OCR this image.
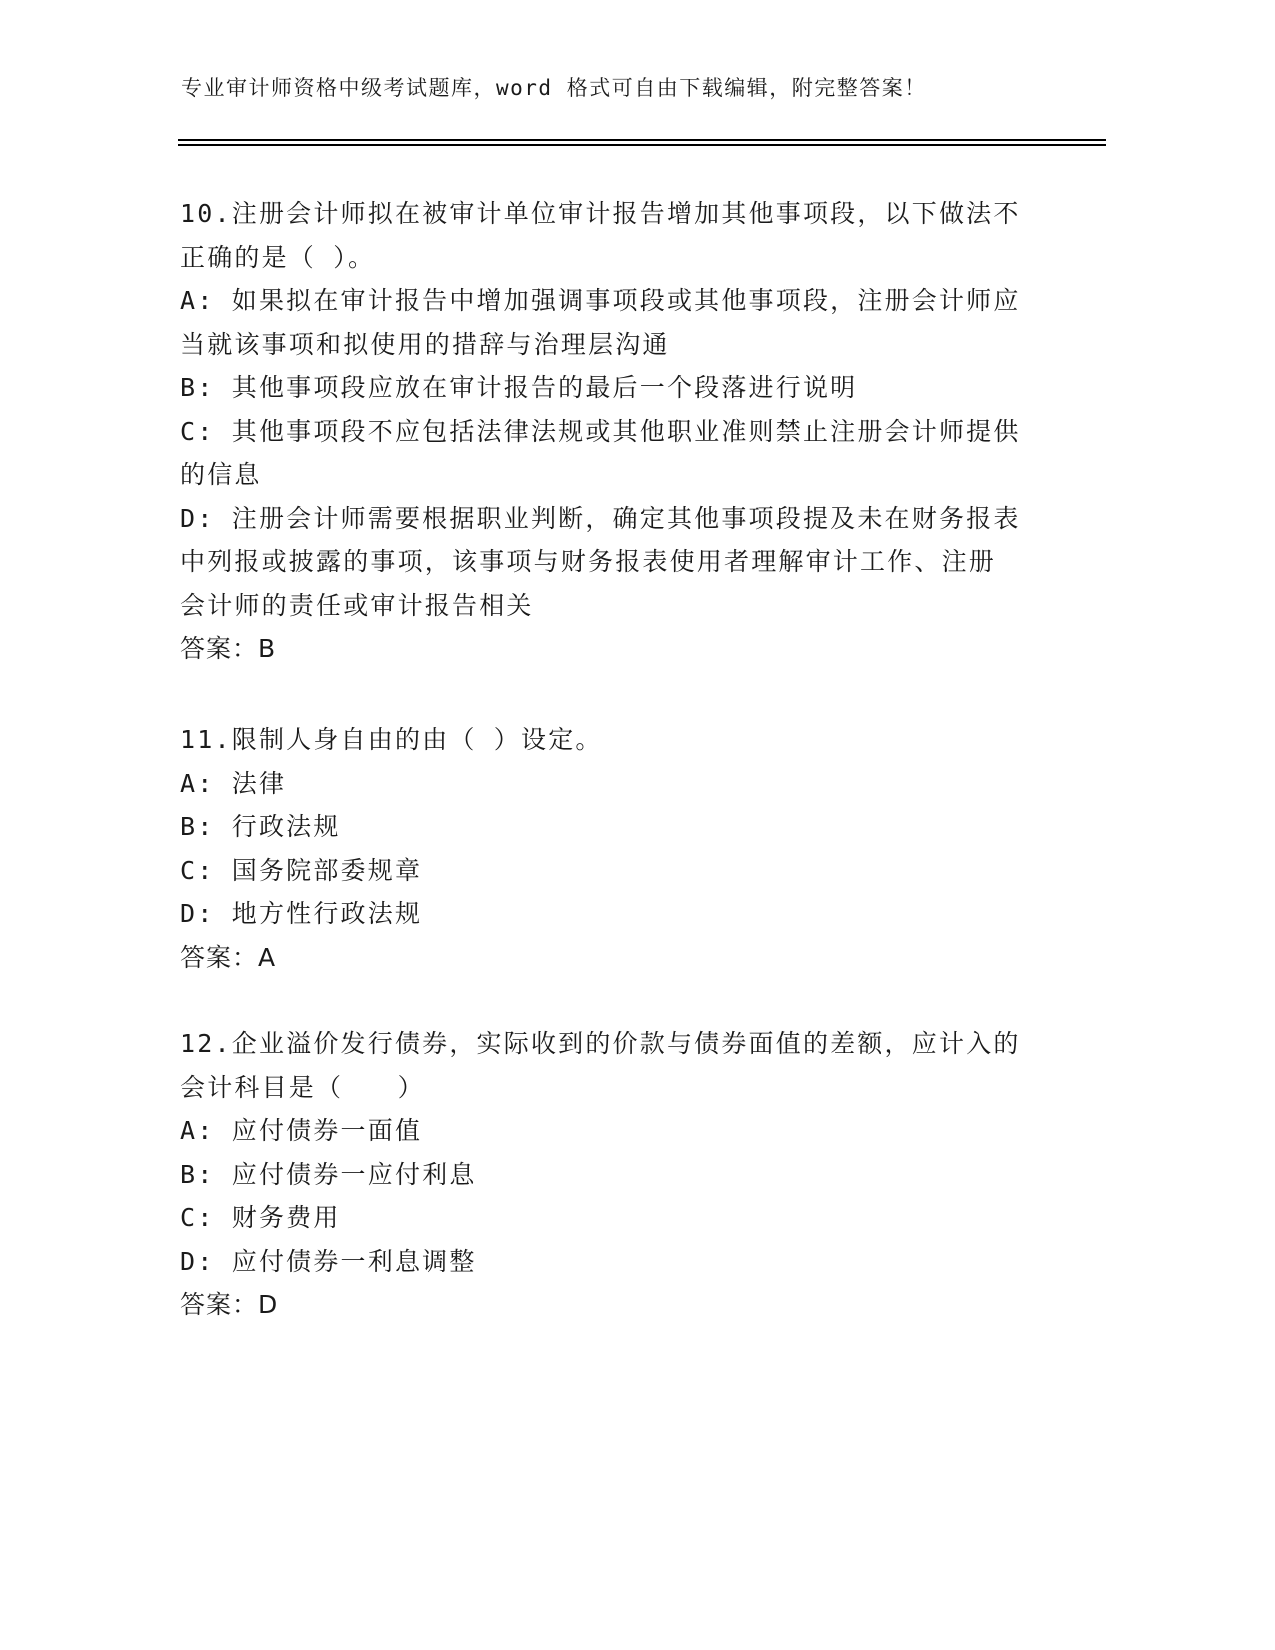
专业审计师资格中级考试题库，word 格式可自由下载编辑，附完整答案！

10.注册会计师拟在被审计单位审计报告增加其他事项段，以下做法不

正确的是（ ）。

A: 如果拟在审计报告中增加强调事项段或其他事项段，注册会计师应

当就该事项和拟使用的措辞与治理层沟通

B: 其他事项段应放在审计报告的最后一个段落进行说明

C: 其他事项段不应包括法律法规或其他职业准则禁止注册会计师提供

的信息

D: 注册会计师需要根据职业判断，确定其他事项段提及未在财务报表

中列报或披露的事项，该事项与财务报表使用者理解审计工作、注册

会计师的责任或审计报告相关

答案：B

11.限制人身自由的由（ ）设定。

A: 法律

B: 行政法规

C: 国务院部委规章

D: 地方性行政法规

答案：A

12.企业溢价发行债券，实际收到的价款与债券面值的差额，应计入的

会计科目是（　　）

A: 应付债券一面值

B: 应付债券一应付利息

C: 财务费用

D: 应付债券一利息调整

答案：D
